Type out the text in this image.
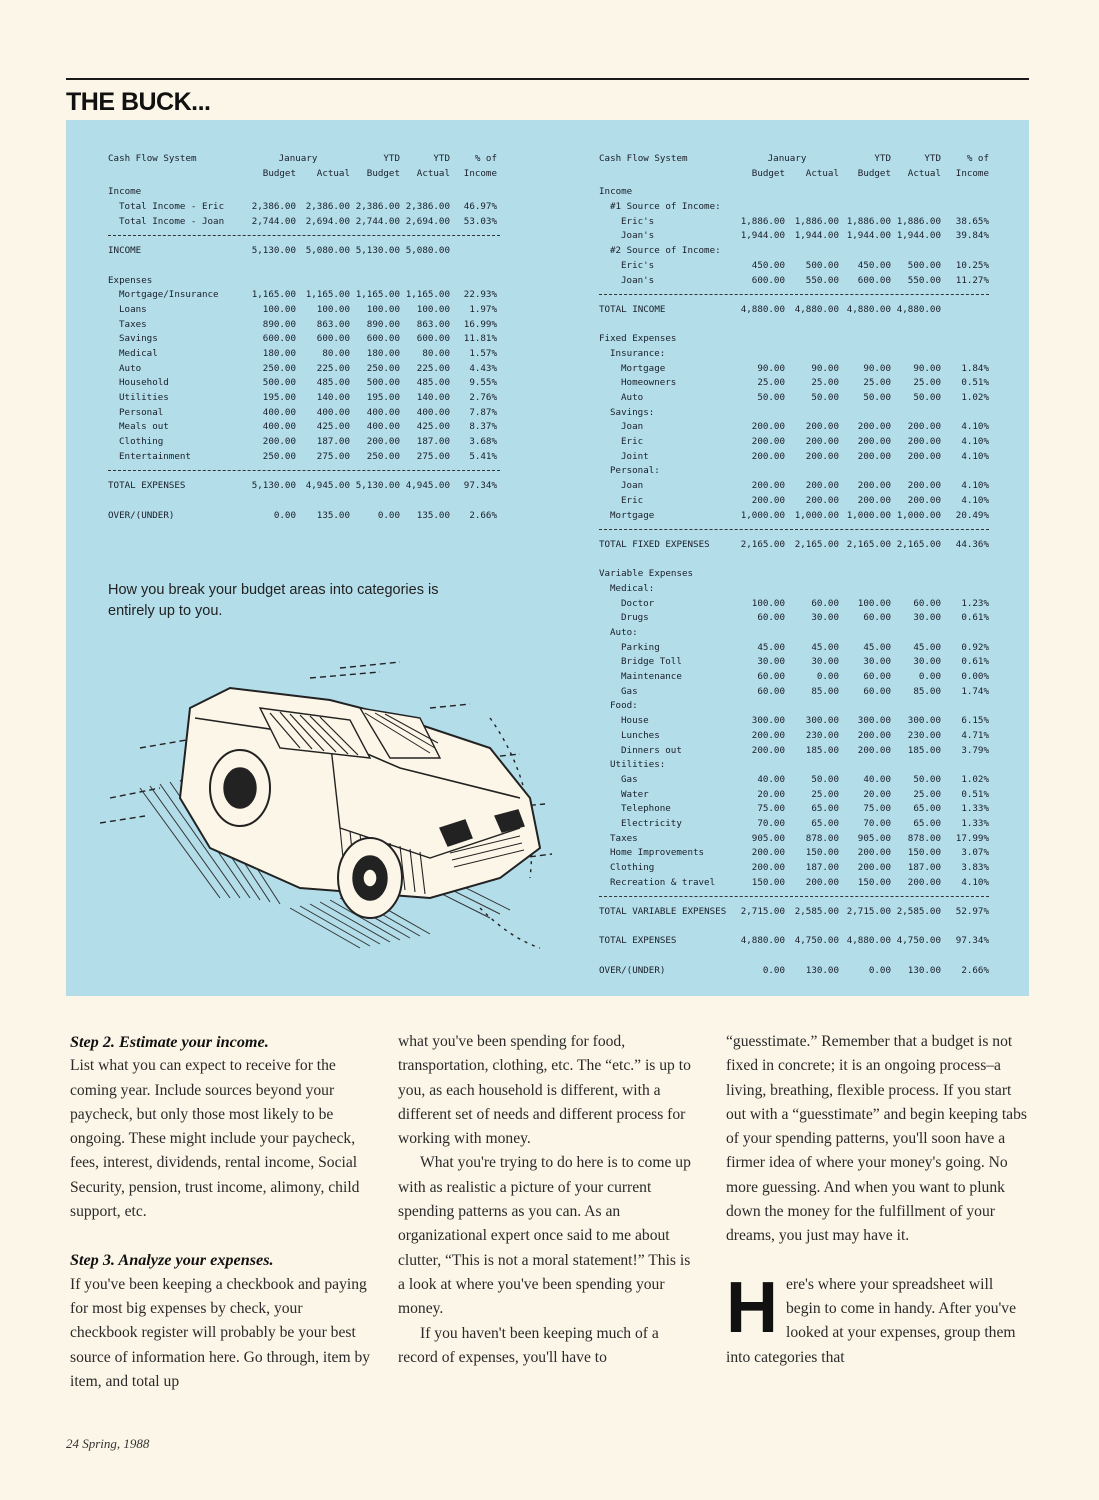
THE BUCK...
Cash Flow System	January	YTD	YTD	% of
Budget	Actual	Budget	Actual	Income
Income
Total Income - Eric	2,386.00	2,386.00 2,386.00 2,386.00	46.97%
Total Income - Joan	2,744.00	2,694.00 2,744.00 2,694.00	53.03%
INCOME	5,130.00	5,080.00 5,130.00 5,080.00
Expenses
Mortgage/Insurance	1,165.00	1,165.00 1,165.00 1,165.00	22.93%
Loans	100.00	100.00	100.00	100.00	1.97%
Taxes	890.00	863.00	890.00	863.00	16.99%
Savings	600.00	600.00	600.00	600.00	11.81%
Medical	180.00	80.00	180.00	80.00	1.57%
Auto	250.00	225.00	250.00	225.00	4.43%
Household	500.00	485.00	500.00	485.00	9.55%
Utilities	195.00	140.00	195.00	140.00	2.76%
Personal	400.00	400.00	400.00	400.00	7.87%
Meals out	400.00	425.00	400.00	425.00	8.37%
Clothing	200.00	187.00	200.00	187.00	3.68%
Entertainment	250.00	275.00	250.00	275.00	5.41%
TOTAL EXPENSES	5,130.00	4,945.00 5,130.00 4,945.00	97.34%
OVER/(UNDER)	0.00	135.00	0.00	135.00	2.66%
Cash Flow System	January	YTD	YTD	% of
Budget	Actual	Budget	Actual	Income
Income
#1 Source of Income:
Eric's	1,886.00	1,886.00 1,886.00 1,886.00	38.65%
Joan's	1,944.00	1,944.00 1,944.00 1,944.00	39.84%
#2 Source of Income:
Eric's	450.00	500.00	450.00	500.00	10.25%
Joan's	600.00	550.00	600.00	550.00	11.27%
TOTAL INCOME	4,880.00	4,880.00 4,880.00 4,880.00
Fixed Expenses
Insurance:
Mortgage	90.00	90.00	90.00	90.00	1.84%
Homeowners	25.00	25.00	25.00	25.00	0.51%
Auto	50.00	50.00	50.00	50.00	1.02%
Savings:
Joan	200.00	200.00	200.00	200.00	4.10%
Eric	200.00	200.00	200.00	200.00	4.10%
Joint	200.00	200.00	200.00	200.00	4.10%
Personal:
Joan	200.00	200.00	200.00	200.00	4.10%
Eric	200.00	200.00	200.00	200.00	4.10%
Mortgage	1,000.00	1,000.00 1,000.00 1,000.00	20.49%
TOTAL FIXED EXPENSES	2,165.00	2,165.00 2,165.00 2,165.00	44.36%
Variable Expenses
Medical:
Doctor	100.00	60.00	100.00	60.00	1.23%
Drugs	60.00	30.00	60.00	30.00	0.61%
Auto:
Parking	45.00	45.00	45.00	45.00	0.92%
Bridge Toll	30.00	30.00	30.00	30.00	0.61%
Maintenance	60.00	0.00	60.00	0.00	0.00%
Gas	60.00	85.00	60.00	85.00	1.74%
Food:
House	300.00	300.00	300.00	300.00	6.15%
Lunches	200.00	230.00	200.00	230.00	4.71%
Dinners out	200.00	185.00	200.00	185.00	3.79%
Utilities:
Gas	40.00	50.00	40.00	50.00	1.02%
Water	20.00	25.00	20.00	25.00	0.51%
Telephone	75.00	65.00	75.00	65.00	1.33%
Electricity	70.00	65.00	70.00	65.00	1.33%
Taxes	905.00	878.00	905.00	878.00	17.99%
Home Improvements	200.00	150.00	200.00	150.00	3.07%
Clothing	200.00	187.00	200.00	187.00	3.83%
Recreation & travel	150.00	200.00	150.00	200.00	4.10%
TOTAL VARIABLE EXPENSES	2,715.00	2,585.00 2,715.00 2,585.00	52.97%
TOTAL EXPENSES	4,880.00	4,750.00 4,880.00 4,750.00	97.34%
OVER/(UNDER)	0.00	130.00	0.00	130.00	2.66%
How you break your budget areas into categories is entirely up to you.

Step 2. Estimate your income.

List what you can expect to receive for the coming year. Include sources beyond your paycheck, but only those most likely to be ongoing. These might include your paycheck, fees, interest, dividends, rental income, Social Security, pension, trust income, alimony, child support, etc.

Step 3. Analyze your expenses.

If you've been keeping a checkbook and paying for most big expenses by check, your checkbook register will probably be your best source of information here. Go through, item by item, and total up

what you've been spending for food, transportation, clothing, etc. The “etc.” is up to you, as each household is different, with a different set of needs and different process for working with money.

What you're trying to do here is to come up with as realistic a picture of your current spending patterns as you can. As an organizational expert once said to me about clutter, “This is not a moral statement!” This is a look at where you've been spending your money.

If you haven't been keeping much of a record of expenses, you'll have to

“guesstimate.” Remember that a budget is not fixed in concrete; it is an ongoing process–a living, breathing, flexible process. If you start out with a “guesstimate” and begin keeping tabs of your spending patterns, you'll soon have a firmer idea of where your money's going. No more guessing. And when you want to plunk down the money for the fulfillment of your dreams, you just may have it.

Here's where your spreadsheet will begin to come in handy. After you've looked at your expenses, group them into categories that

24 Spring, 1988
